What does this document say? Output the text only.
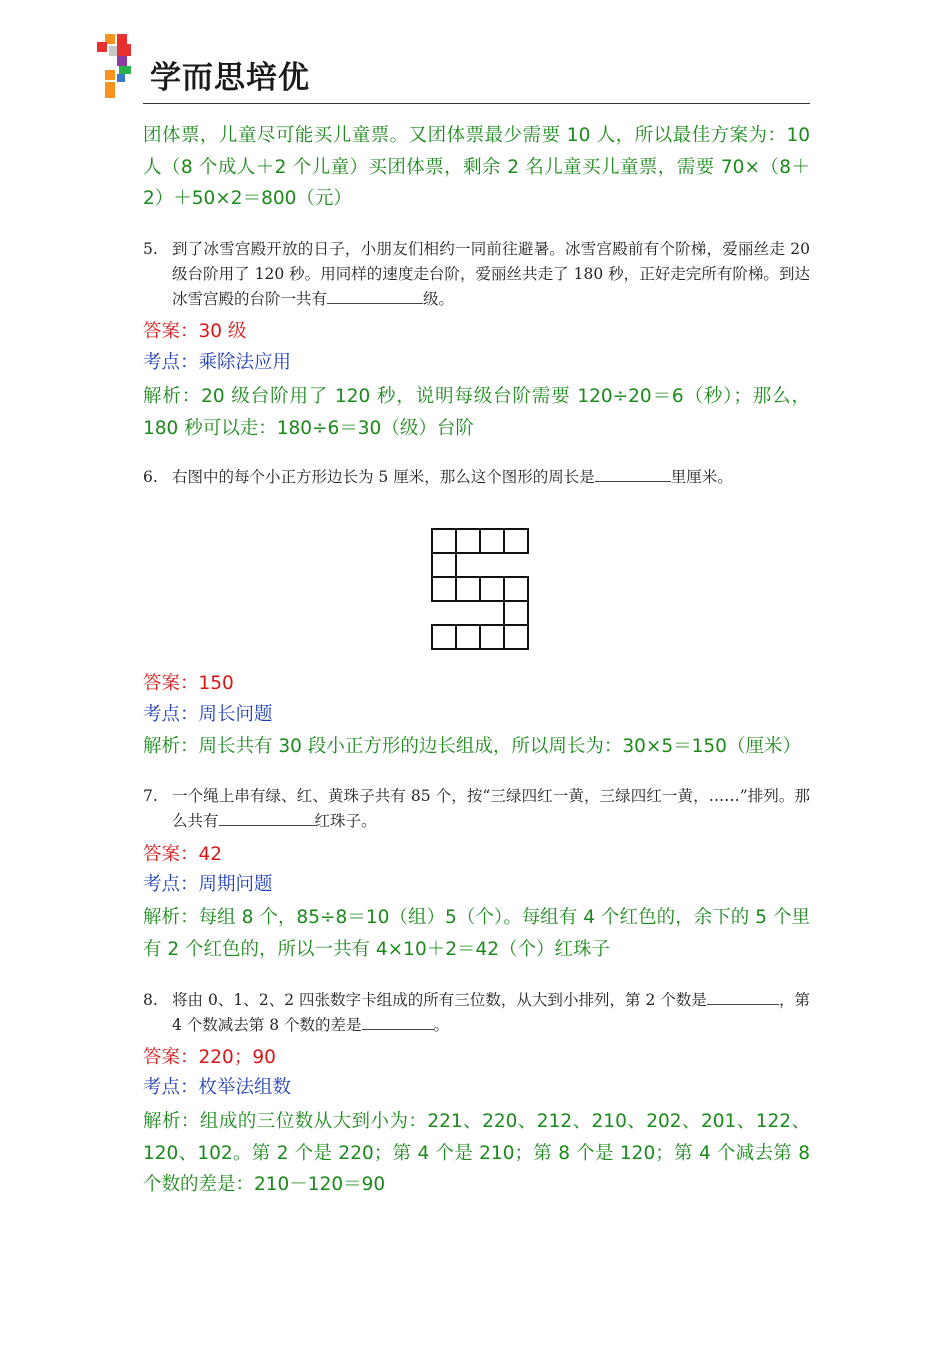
学而思培优
团体票，儿童尽可能买儿童票。又团体票最少需要 10 人，所以最佳方案为：10 人（8 个成人＋2 个儿童）买团体票，剩余 2 名儿童买儿童票，需要 70×（8＋2）＋50×2＝800（元）
5. 到了冰雪宫殿开放的日子，小朋友们相约一同前往避暑。冰雪宫殿前有个阶梯，爱丽丝走 20 级台阶用了 120 秒。用同样的速度走台阶，爱丽丝共走了 180 秒，正好走完所有阶梯。到达冰雪宫殿的台阶一共有	级。
答案：30 级
考点：乘除法应用
解析：20 级台阶用了 120 秒，说明每级台阶需要 120÷20＝6（秒）；那么，180 秒可以走：180÷6＝30（级）台阶
6. 右图中的每个小正方形边长为 5 厘米，那么这个图形的周长是	里厘米。
答案：150
考点：周长问题
解析：周长共有 30 段小正方形的边长组成，所以周长为：30×5＝150（厘米）
7. 一个绳上串有绿、红、黄珠子共有 85 个，按“三绿四红一黄，三绿四红一黄，……”排列。那么共有	红珠子。
答案：42
考点：周期问题
解析：每组 8 个，85÷8＝10（组）5（个）。每组有 4 个红色的，余下的 5 个里有 2 个红色的，所以一共有 4×10＋2＝42（个）红珠子
8. 将由 0、1、2、2 四张数字卡组成的所有三位数，从大到小排列，第 2 个数是	，第 4 个数减去第 8 个数的差是	。
答案：220；90
考点：枚举法组数
解析：组成的三位数从大到小为：221、220、212、210、202、201、122、120、102。第 2 个是 220；第 4 个是 210；第 8 个是 120；第 4 个减去第 8 个数的差是：210－120＝90
